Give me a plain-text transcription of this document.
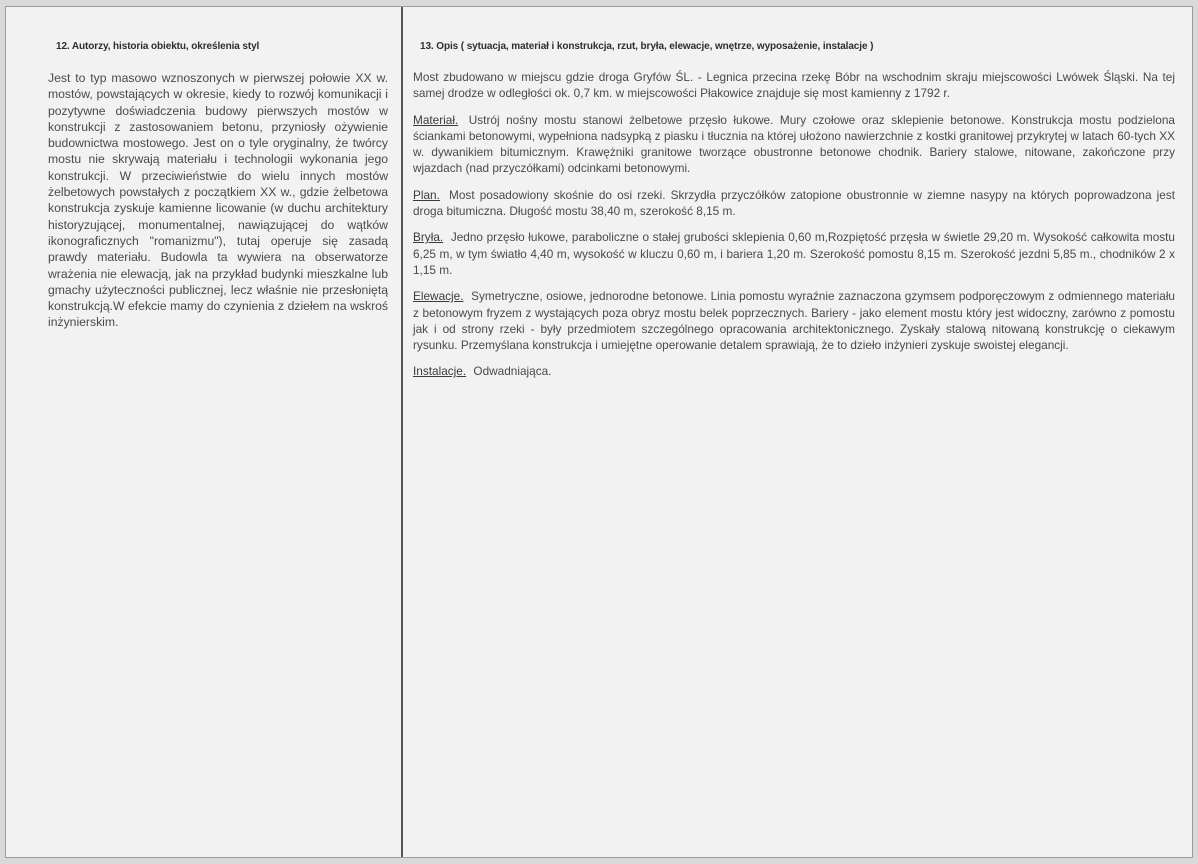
12. Autorzy, historia obiektu, określenia styl
Jest to typ masowo wznoszonych w pierwszej połowie XX w. mostów, powstających w okresie, kiedy to rozwój komunikacji i pozytywne doświadczenia budowy pierwszych mostów w konstrukcji z zastosowaniem betonu, przyniosły ożywienie budownictwa mostowego. Jest on o tyle oryginalny, że twórcy mostu nie skrywają materiału i technologii wykonania jego konstrukcji. W przeciwieństwie do wielu innych mostów żelbetowych powstałych z początkiem XX w., gdzie żelbetowa konstrukcja zyskuje kamienne licowanie (w duchu architektury historyzującej, monumentalnej, nawiązującej do wątków ikonograficznych "romanizmu"), tutaj operuje się zasadą prawdy materiału. Budowla ta wywiera na obserwatorze wrażenia nie elewacją, jak na przykład budynki mieszkalne lub gmachy użyteczności publicznej, lecz właśnie nie przesłoniętą konstrukcją.W efekcie mamy do czynienia z dziełem na wskroś inżynierskim.
13. Opis ( sytuacja, materiał i konstrukcja, rzut, bryła, elewacje, wnętrze, wyposażenie, instalacje )

Most zbudowano w miejscu gdzie droga Gryfów ŚL. - Legnica przecina rzekę Bóbr na wschodnim skraju miejscowości Lwówek Śląski. Na tej samej drodze w odległości ok. 0,7 km. w miejscowości Płakowice znajduje się most kamienny z 1792 r.

Materiał. Ustrój nośny mostu stanowi żelbetowe przęsło łukowe. Mury czołowe oraz sklepienie betonowe. Konstrukcja mostu podzielona ściankami betonowymi, wypełniona nadsypką z piasku i tłucznia na której ułożono nawierzchnie z kostki granitowej przykrytej w latach 60-tych XX w. dywanikiem bitumicznym. Krawężniki granitowe tworzące obustronne betonowe chodnik. Bariery stalowe, nitowane, zakończone przy wjazdach (nad przyczółkami) odcinkami betonowymi.

Plan. Most posadowiony skośnie do osi rzeki. Skrzydła przyczółków zatopione obustronnie w ziemne nasypy na których poprowadzona jest droga bitumiczna. Długość mostu 38,40 m, szerokość 8,15 m.

Bryła. Jedno przęsło łukowe, paraboliczne o stałej grubości sklepienia 0,60 m,Rozpiętość przęsła w świetle 29,20 m. Wysokość całkowita mostu 6,25 m, w tym światło 4,40 m, wysokość w kluczu 0,60 m, i bariera 1,20 m. Szerokość pomostu 8,15 m. Szerokość jezdni 5,85 m., chodników 2 x 1,15 m.

Elewacje. Symetryczne, osiowe, jednorodne betonowe. Linia pomostu wyraźnie zaznaczona gzymsem podporęczowym z odmiennego materiału z betonowym fryzem z wystających poza obryz mostu belek poprzecznych. Bariery - jako element mostu który jest widoczny, zarówno z pomostu jak i od strony rzeki - były przedmiotem szczególnego opracowania architektonicznego. Zyskały stalową nitowaną konstrukcję o ciekawym rysunku. Przemyślana konstrukcja i umiejętne operowanie detalem sprawiają, że to dzieło inżynieri zyskuje swoistej elegancji.

Instalacje. Odwadniająca.
